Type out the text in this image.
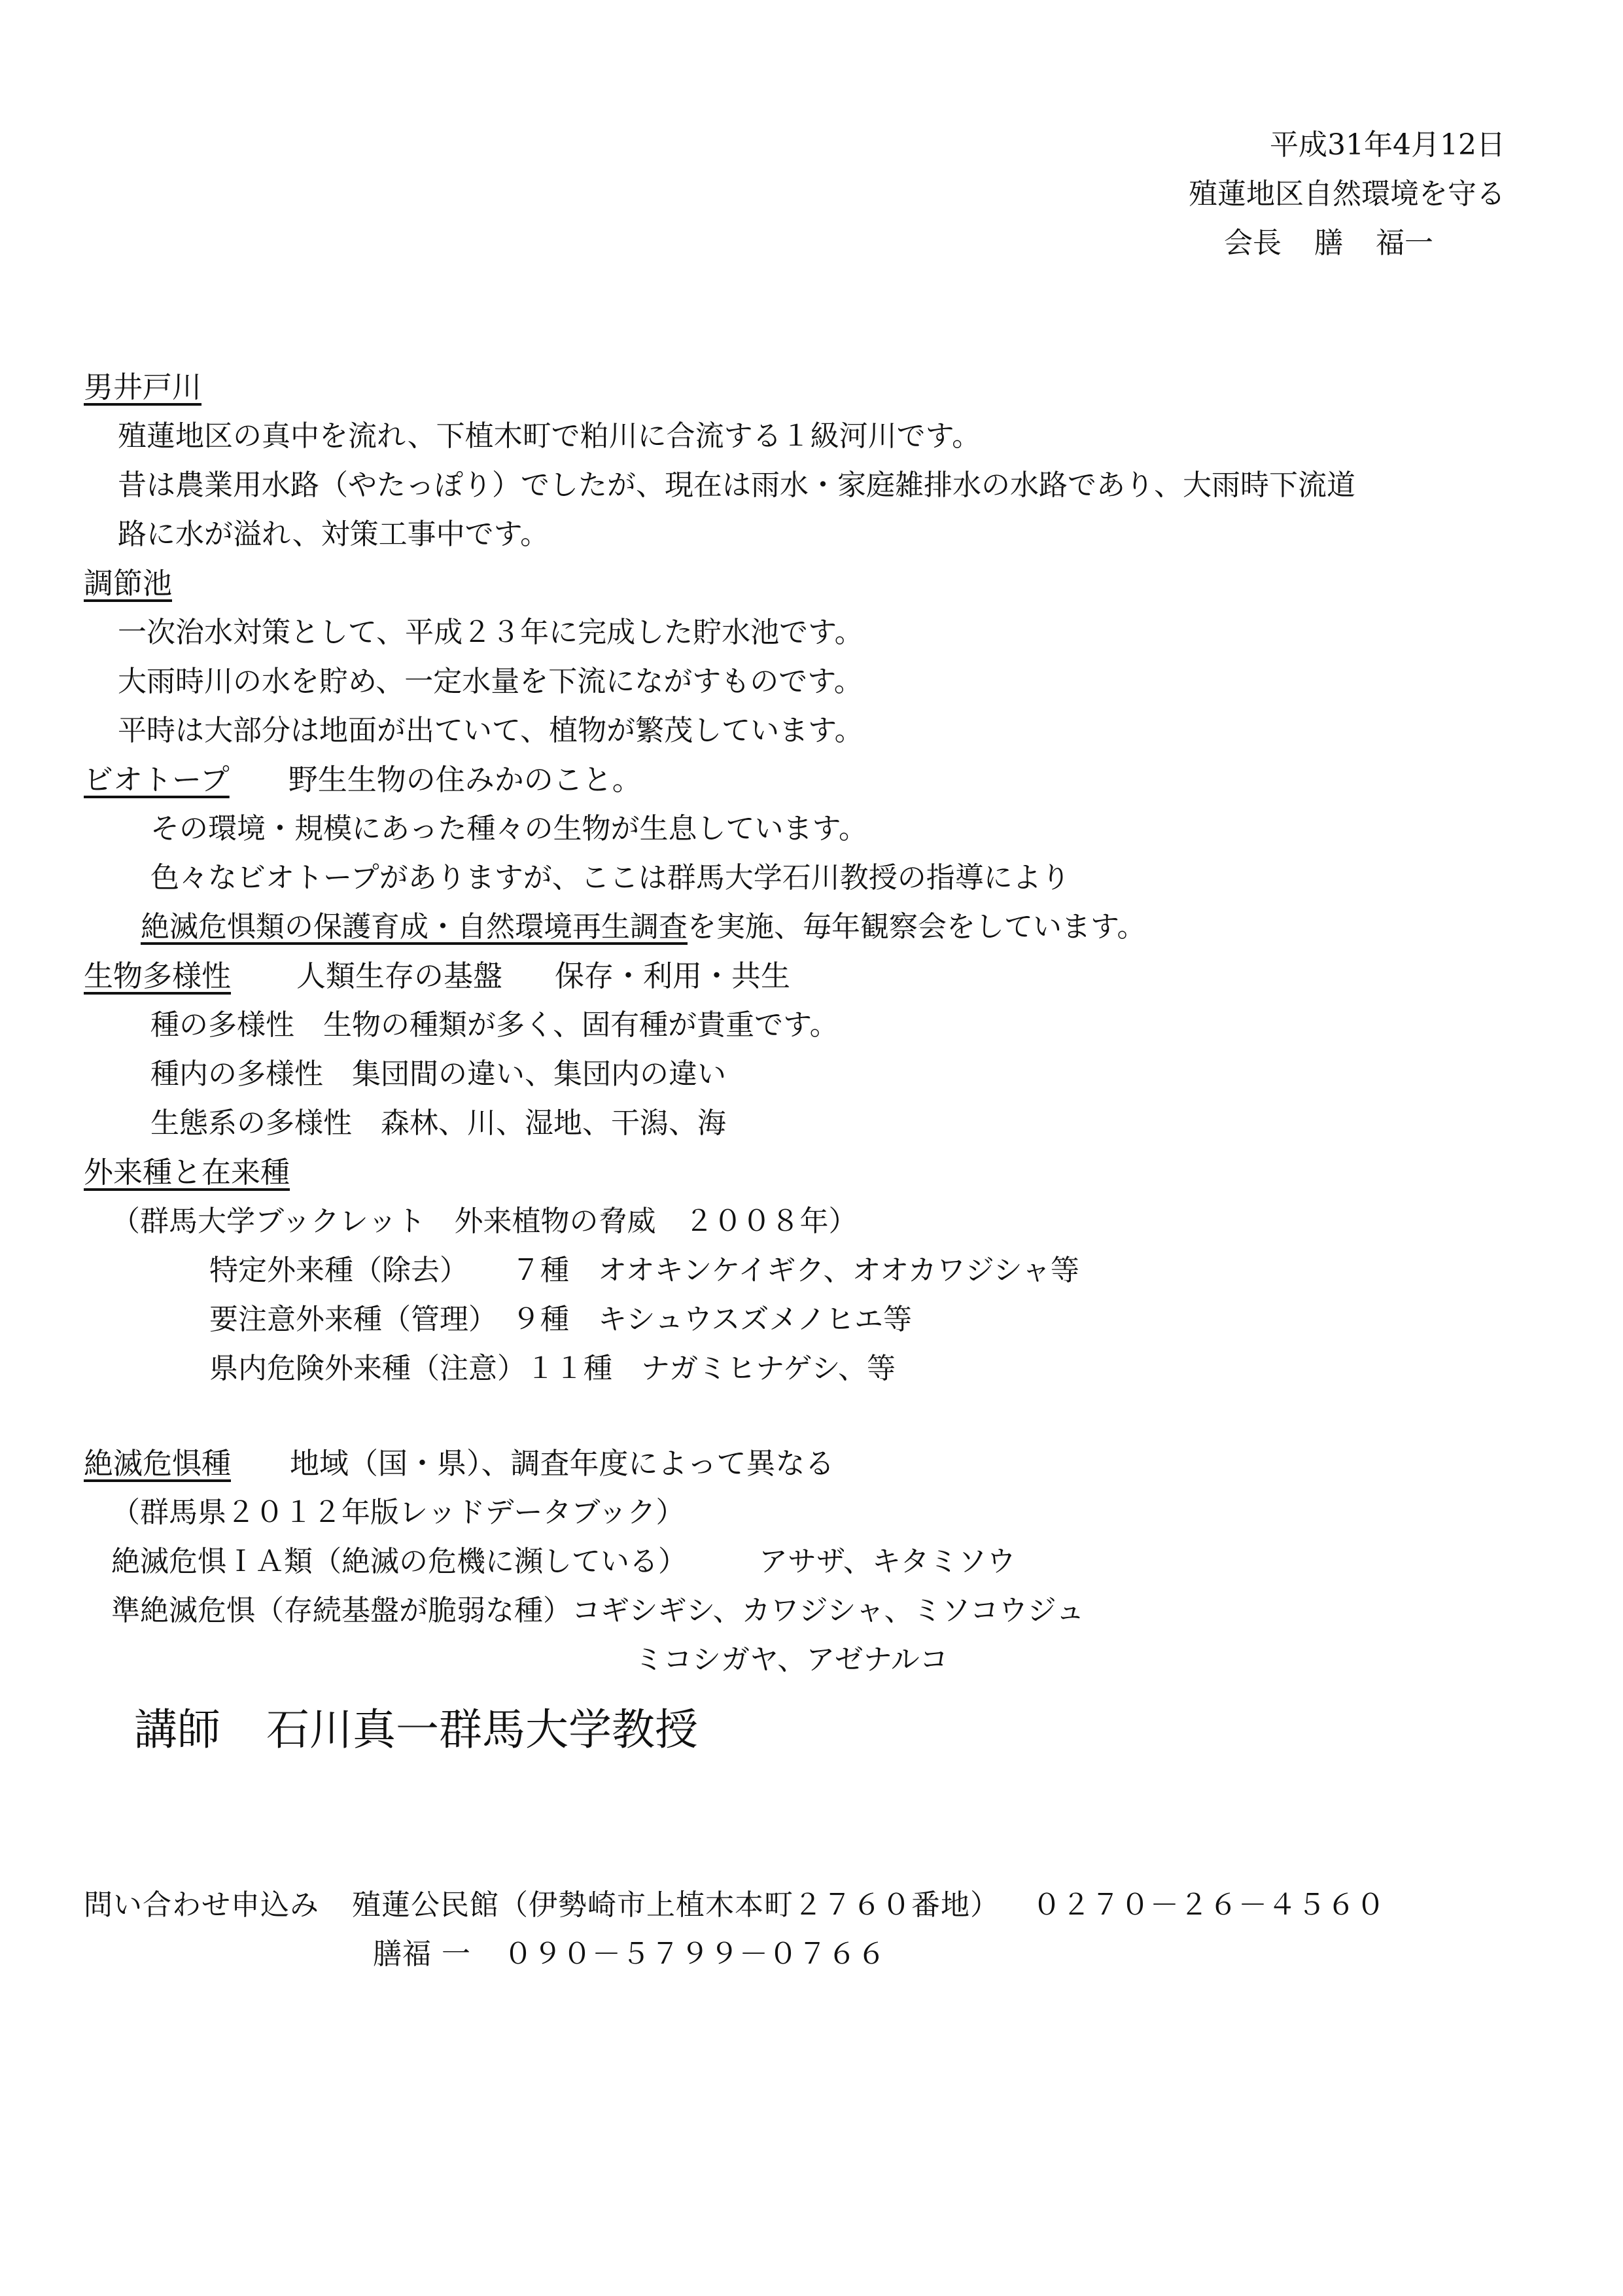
平成31年4月12日
殖蓮地区自然環境を守る
会長 膳 福一
男井戸川
殖蓮地区の真中を流れ、下植木町で粕川に合流する１級河川です。
昔は農業用水路（やたっぽり）でしたが、現在は雨水・家庭雑排水の水路であり、大雨時下流道
路に水が溢れ、対策工事中です。
調節池
一次治水対策として、平成２３年に完成した貯水池です。
大雨時川の水を貯め、一定水量を下流にながすものです。
平時は大部分は地面が出ていて、植物が繁茂しています。
ビオトープ 野生生物の住みかのこと。
その環境・規模にあった種々の生物が生息しています。
色々なビオトープがありますが、ここは群馬大学石川教授の指導により
絶滅危惧類の保護育成・自然環境再生調査を実施、毎年観察会をしています。
生物多様性 人類生存の基盤 保存・利用・共生
種の多様性　生物の種類が多く、固有種が貴重です。
種内の多様性　集団間の違い、集団内の違い
生態系の多様性　森林、川、湿地、干潟、海
外来種と在来種
（群馬大学ブックレット　外来植物の脅威　２００８年）
特定外来種（除去）　　７種　オオキンケイギク、オオカワジシャ等
要注意外来種（管理）　９種　キシュウスズメノヒエ等
県内危険外来種（注意）１１種　ナガミヒナゲシ、等
絶滅危惧種 地域（国・県）、調査年度によって異なる
（群馬県２０１２年版レッドデータブック）
絶滅危惧ＩＡ類（絶滅の危機に瀕している）　　　アサザ、キタミソウ
準絶滅危惧（存続基盤が脆弱な種）コギシギシ、カワジシャ、ミソコウジュ
ミコシガヤ、アゼナルコ
講師 石川真一群馬大学教授
問い合わせ申込み 殖蓮公民館（伊勢崎市上植木本町２７６０番地） ０２７０－２６－４５６０
膳福 一 ０９０－５７９９－０７６６
